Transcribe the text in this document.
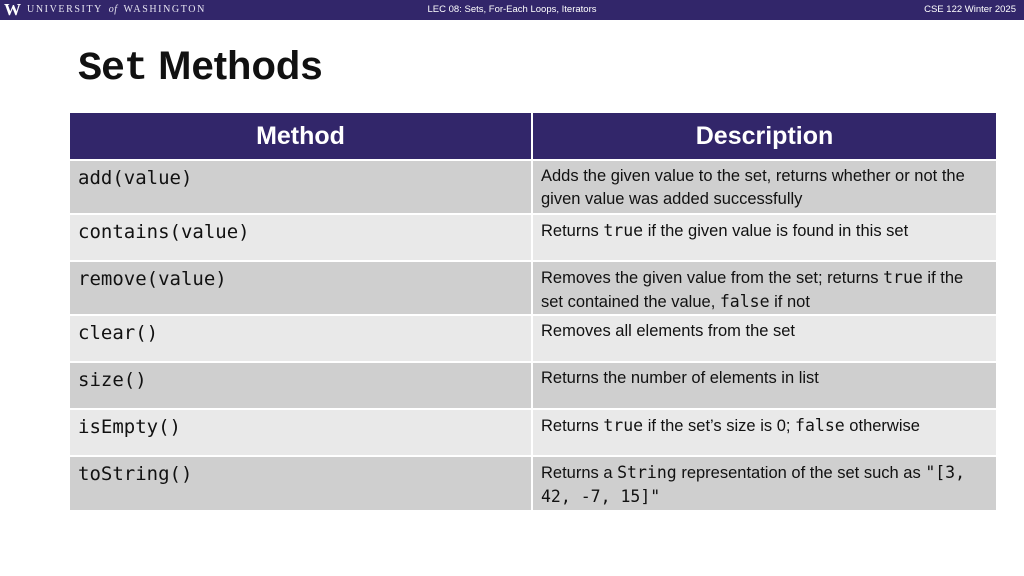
W UNIVERSITY of WASHINGTON	LEC 08: Sets, For-Each Loops, Iterators	CSE 122 Winter 2025
Set Methods
Method	Description
add(value)	Adds the given value to the set, returns whether or not the given value was added successfully
contains(value)	Returns true if the given value is found in this set
remove(value)	Removes the given value from the set; returns true if the set contained the value, false if not
clear()	Removes all elements from the set
size()	Returns the number of elements in list
isEmpty()	Returns true if the set’s size is 0; false otherwise
toString()	Returns a String representation of the set such as "[3, 42, -7, 15]"
